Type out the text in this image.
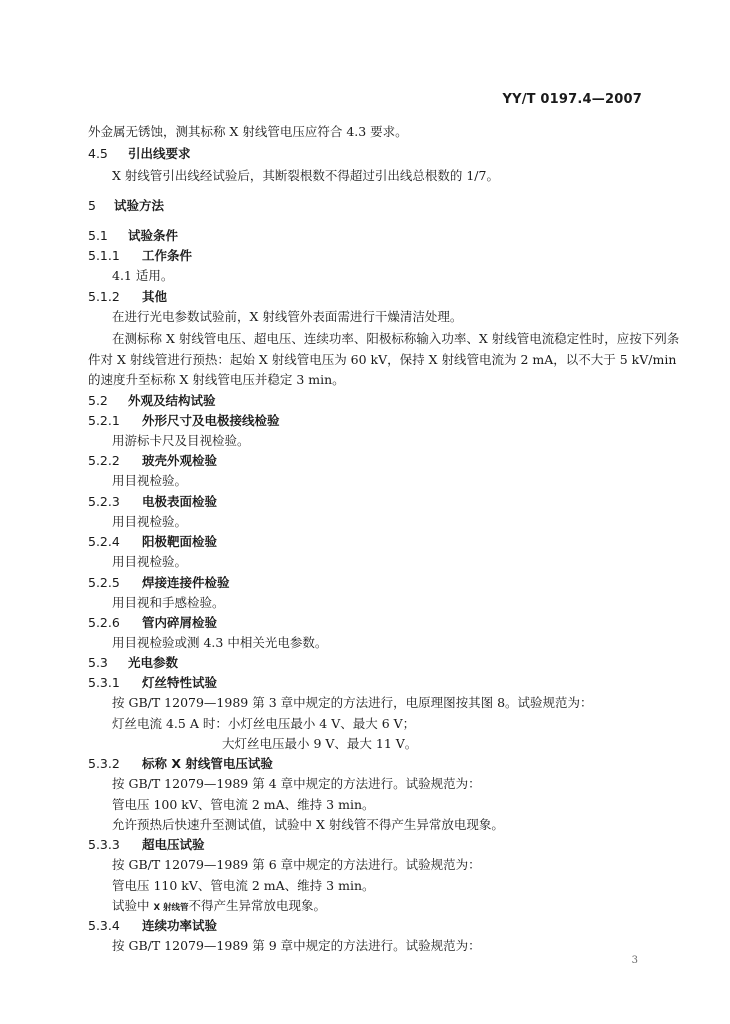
YY/T 0197.4—2007
外金属无锈蚀，测其标称 X 射线管电压应符合 4.3 要求。
4.5 引出线要求
X 射线管引出线经试验后，其断裂根数不得超过引出线总根数的 1/7。
5 试验方法
5.1 试验条件
5.1.1 工作条件
4.1 适用。
5.1.2 其他
在进行光电参数试验前，X 射线管外表面需进行干燥清洁处理。
在测标称 X 射线管电压、超电压、连续功率、阳极标称输入功率、X 射线管电流稳定性时，应按下列条
件对 X 射线管进行预热：起始 X 射线管电压为 60 kV，保持 X 射线管电流为 2 mA，以不大于 5 kV/min
的速度升至标称 X 射线管电压并稳定 3 min。
5.2 外观及结构试验
5.2.1 外形尺寸及电极接线检验
用游标卡尺及目视检验。
5.2.2 玻壳外观检验
用目视检验。
5.2.3 电极表面检验
用目视检验。
5.2.4 阳极靶面检验
用目视检验。
5.2.5 焊接连接件检验
用目视和手感检验。
5.2.6 管内碎屑检验
用目视检验或测 4.3 中相关光电参数。
5.3 光电参数
5.3.1 灯丝特性试验
按 GB/T 12079—1989 第 3 章中规定的方法进行，电原理图按其图 8。试验规范为：
灯丝电流 4.5 A 时：小灯丝电压最小 4 V、最大 6 V；
大灯丝电压最小 9 V、最大 11 V。
5.3.2 标称 X 射线管电压试验
按 GB/T 12079—1989 第 4 章中规定的方法进行。试验规范为：
管电压 100 kV、管电流 2 mA、维持 3 min。
允许预热后快速升至测试值，试验中 X 射线管不得产生异常放电现象。
5.3.3 超电压试验
按 GB/T 12079—1989 第 6 章中规定的方法进行。试验规范为：
管电压 110 kV、管电流 2 mA、维持 3 min。
试验中 X 射线管不得产生异常放电现象。
5.3.4 连续功率试验
按 GB/T 12079—1989 第 9 章中规定的方法进行。试验规范为：
3
